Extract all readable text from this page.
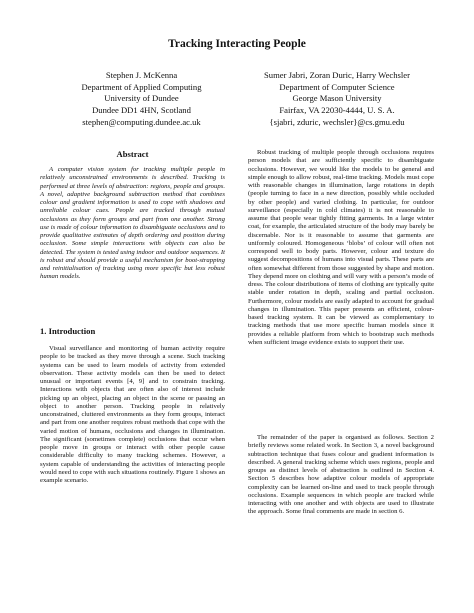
Tracking Interacting People
Stephen J. McKenna
Department of Applied Computing
University of Dundee
Dundee DD1 4HN, Scotland
stephen@computing.dundee.ac.uk
Sumer Jabri, Zoran Duric, Harry Wechsler
Department of Computer Science
George Mason University
Fairfax, VA 22030-4444, U. S. A.
{sjabri, zduric, wechsler}@cs.gmu.edu
Abstract

A computer vision system for tracking multiple people in relatively unconstrained environments is described. Tracking is performed at three levels of abstraction: regions, people and groups. A novel, adaptive background subtraction method that combines colour and gradient information is used to cope with shadows and unreliable colour cues. People are tracked through mutual occlusions as they form groups and part from one another. Strong use is made of colour information to disambiguate occlusions and to provide qualitative estimates of depth ordering and position during occlusion. Some simple interactions with objects can also be detected. The system is tested using indoor and outdoor sequences. It is robust and should provide a useful mechanism for boot-strapping and reinitialisation of tracking using more specific but less robust human models.

1. Introduction

Visual surveillance and monitoring of human activity require people to be tracked as they move through a scene. Such tracking systems can be used to learn models of activity from extended observation. These activity models can then be used to detect unusual or important events [4, 9] and to constrain tracking. Interactions with objects that are often also of interest include picking up an object, placing an object in the scene or passing an object to another person. Tracking people in relatively unconstrained, cluttered environments as they form groups, interact and part from one another requires robust methods that cope with the varied motion of humans, occlusions and changes in illumination. The significant (sometimes complete) occlusions that occur when people move in groups or interact with other people cause considerable difficulty to many tracking schemes. However, a system capable of understanding the activities of interacting people would need to cope with such situations routinely. Figure 1 shows an example scenario.

Robust tracking of multiple people through occlusions requires person models that are sufficiently specific to disambiguate occlusions. However, we would like the models to be general and simple enough to allow robust, real-time tracking. Models must cope with reasonable changes in illumination, large rotations in depth (people turning to face in a new direction, possibly while occluded by other people) and varied clothing. In particular, for outdoor surveillance (especially in cold climates) it is not reasonable to assume that people wear tightly fitting garments. In a large winter coat, for example, the articulated structure of the body may barely be discernable. Nor is it reasonable to assume that garments are uniformly coloured. Homogeneous ‘blobs’ of colour will often not correspond well to body parts. However, colour and texture do suggest decompositions of humans into visual parts. These parts are often somewhat different from those suggested by shape and motion. They depend more on clothing and will vary with a person’s mode of dress. The colour distributions of items of clothing are typically quite stable under rotation in depth, scaling and partial occlusion. Furthermore, colour models are easily adapted to account for gradual changes in illumination. This paper presents an efficient, colour-based tracking system. It can be viewed as complementary to tracking methods that use more specific human models since it provides a reliable platform from which to bootstrap such methods when sufficient image evidence exists to support their use.

The remainder of the paper is organised as follows. Section 2 briefly reviews some related work. In Section 3, a novel background subtraction technique that fuses colour and gradient information is described. A general tracking scheme which uses regions, people and groups as distinct levels of abstraction is outlined in Section 4. Section 5 describes how adaptive colour models of appropriate complexity can be learned on-line and used to track people through occlusions. Example sequences in which people are tracked while interacting with one another and with objects are used to illustrate the approach. Some final comments are made in section 6.
